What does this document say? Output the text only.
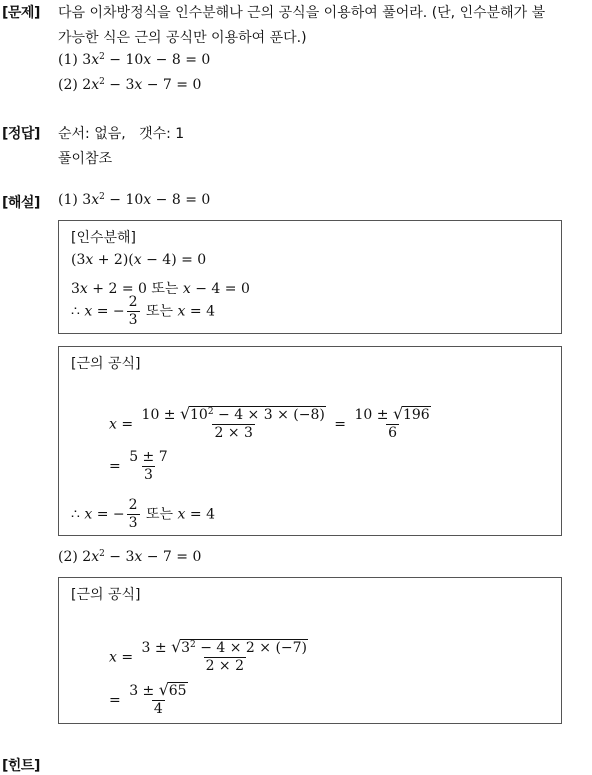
[문제] 다음 이차방정식을 인수분해나 근의 공식을 이용하여 풀어라. (단, 인수분해가 불
가능한 식은 근의 공식만 이용하여 푼다.)
(1) $3x^2 - 10x - 8 = 0$
(2) $2x^2 - 3x - 7 = 0$
[정답] 순서: 없음,   갯수: 1
풀이참조
[해설] (1) $3x^2 - 10x - 8 = 0$
[인수분해]
(3x + 2)(x − 4) = 0
3x + 2 = 0 또는 x − 4 = 0
∴ x = − $\frac{2}{3}$ 또는 x = 4
[근의 공식]
$x = \frac{10 \pm √ 10^2 - 4 \times 3 \times (-8)}{2 \times 3} = \frac{10 \pm √ 196}{6}$
= $\frac{5 \pm 7}{3}$
∴ x = − $\frac{2}{3}$ 또는 x = 4
(2) $2x^2 - 3x - 7 = 0$
[근의 공식]
$x = \frac{3 \pm √ 3^2 - 4 \times 2 \times (-7)}{2 \times 2}$
= $\frac{3 \pm √ 65}{4}$
[힌트]
